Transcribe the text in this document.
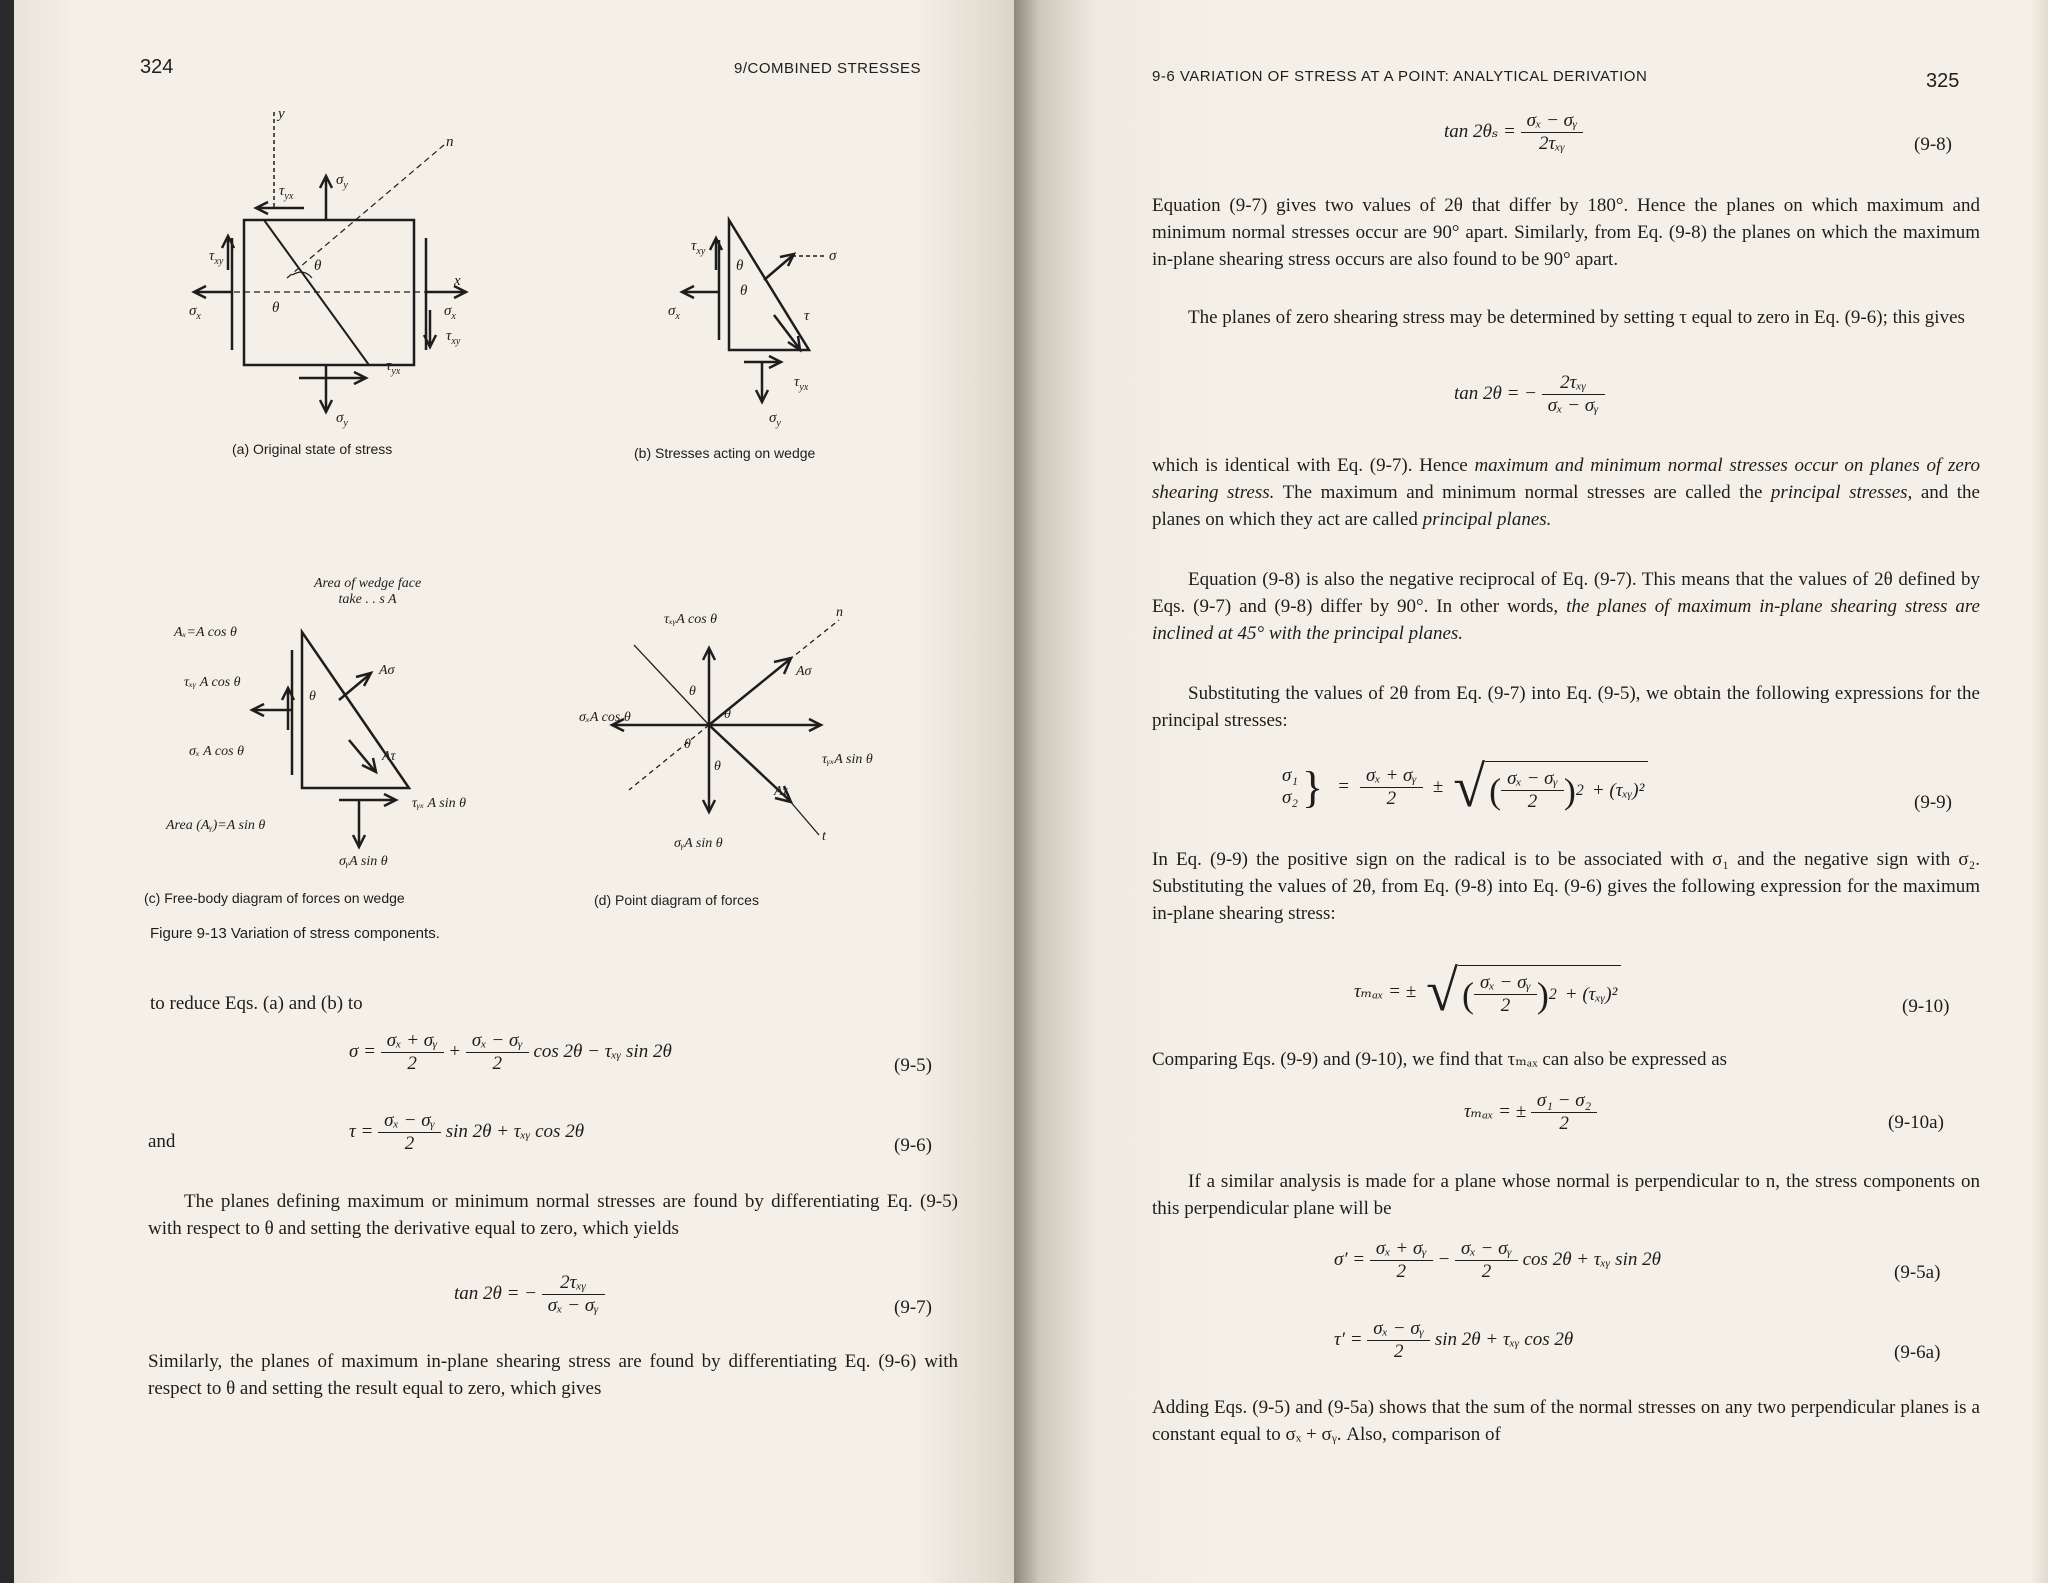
324	9/COMBINED STRESSES
y
n
x
$\sigma_y$
$\tau_{yx}$
$\tau_{xy}$
$\sigma_x$	$\sigma_x$
$\tau_{xy}$
$\tau_{yx}$
$\sigma_y$
θ
θ
(a) Original state of stress
$\tau_{xy}$
$\sigma_x$
σ
τ
θ
θ
$\tau_{yx}$
$\sigma_y$
(b) Stresses acting on wedge
Area of wedge face
take . . s A
Aσ
Aτ
θ
Aₓ=A cos θ
τₓᵧ A cos θ
σₓ A cos θ
τᵧₓ A sin θ
Area (Aᵧ)=A sin θ
σᵧA sin θ
(c) Free-body diagram of forces on wedge
n
t
Aσ
Aτ
θ
θ
θ
θ
τₓᵧA cos θ
σₓA cos θ
τᵧₓA sin θ
σᵧA sin θ
(d) Point diagram of forces
Figure 9-13 Variation of stress components.
to reduce Eqs. (a) and (b) to
$\sigma = \frac{\text{σₓ + σᵧ}}{2} + \frac{\text{σₓ − σᵧ}}{2}$ cos 2θ − τₓᵧ sin 2θ
(9-5)
and	$\tau = \frac{\text{σₓ − σᵧ}}{2}$ sin 2θ + τₓᵧ cos 2θ
(9-6)
The planes defining maximum or minimum normal stresses are found by differentiating Eq. (9-5) with respect to θ and setting the derivative equal to zero, which yields
tan 2θ = − $\frac{\text{2τₓᵧ}}{\text{σₓ − σᵧ}}$	(9-7)
Similarly, the planes of maximum in-plane shearing stress are found by differentiating Eq. (9-6) with respect to θ and setting the result equal to zero, which gives
9-6 VARIATION OF STRESS AT A POINT: ANALYTICAL DERIVATION	325
$\tan 2\theta_s = \frac{\text{σₓ − σᵧ}}{\text{2τₓᵧ}}$	(9-8)
Equation (9-7) gives two values of 2θ that differ by 180°. Hence the planes on which maximum and minimum normal stresses occur are 90° apart. Similarly, from Eq. (9-8) the planes on which the maximum in-plane shearing stress occurs are also found to be 90° apart.
The planes of zero shearing stress may be determined by setting τ equal to zero in Eq. (9-6); this gives
tan 2θ = − $\frac{\text{2τₓᵧ}}{\text{σₓ − σᵧ}}$
which is identical with Eq. (9-7). Hence maximum and minimum normal stresses occur on planes of zero shearing stress. The maximum and minimum normal stresses are called the principal stresses, and the planes on which they act are called principal planes.
Equation (9-8) is also the negative reciprocal of Eq. (9-7). This means that the values of 2θ defined by Eqs. (9-7) and (9-8) differ by 90°. In other words, the planes of maximum in-plane shearing stress are inclined at 45° with the principal planes.
Substituting the values of 2θ from Eq. (9-7) into Eq. (9-5), we obtain the following expressions for the principal stresses:
σ₁
σ₂ } = $\frac{\text{σₓ + σᵧ}}{2}$ ± √ ( $\frac{\text{σₓ − σᵧ}}{2}$ ) 2 + (τₓᵧ)²
(9-9)
In Eq. (9-9) the positive sign on the radical is to be associated with σ₁ and the negative sign with σ₂. Substituting the values of 2θ, from Eq. (9-8) into Eq. (9-6) gives the following expression for the maximum in-plane shearing stress:
τₘₐₓ = ± √ ( $\frac{\text{σₓ − σᵧ}}{2}$ ) 2 + (τₓᵧ)²
(9-10)
Comparing Eqs. (9-9) and (9-10), we find that τₘₐₓ can also be expressed as
τₘₐₓ = ± $\frac{\text{σ₁ − σ₂}}{2}$	(9-10a)
If a similar analysis is made for a plane whose normal is perpendicular to n, the stress components on this perpendicular plane will be
$\sigma' = \frac{\text{σₓ + σᵧ}}{2} - \frac{\text{σₓ − σᵧ}}{2}$ cos 2θ + τₓᵧ sin 2θ
(9-5a)
$\tau' = \frac{\text{σₓ − σᵧ}}{2}$ sin 2θ + τₓᵧ cos 2θ
(9-6a)
Adding Eqs. (9-5) and (9-5a) shows that the sum of the normal stresses on any two perpendicular planes is a constant equal to σₓ + σᵧ. Also, comparison of
